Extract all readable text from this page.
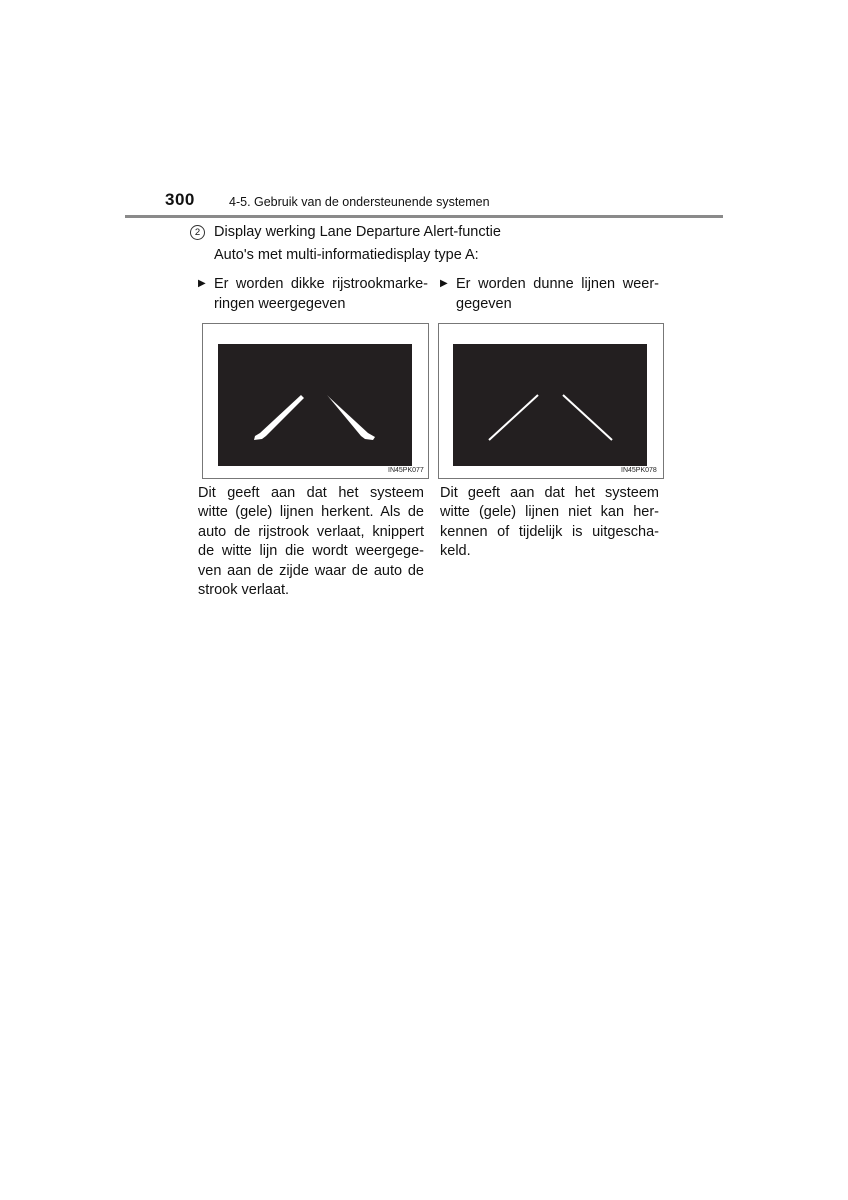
300	4-5. Gebruik van de ondersteunende systemen
2 Display werking Lane Departure Alert-functie
Auto's met multi-informatiedisplay type A:
▶ Er worden dikke rijstrookmarke-
ringen weergegeven
▶ Er worden dunne lijnen weer-
gegeven
IN45PK077	IN45PK078
Dit geeft aan dat het systeem
witte (gele) lijnen herkent. Als de
auto de rijstrook verlaat, knippert
de witte lijn die wordt weergege-
ven aan de zijde waar de auto de
strook verlaat.
Dit geeft aan dat het systeem
witte (gele) lijnen niet kan her-
kennen of tijdelijk is uitgescha-
keld.
